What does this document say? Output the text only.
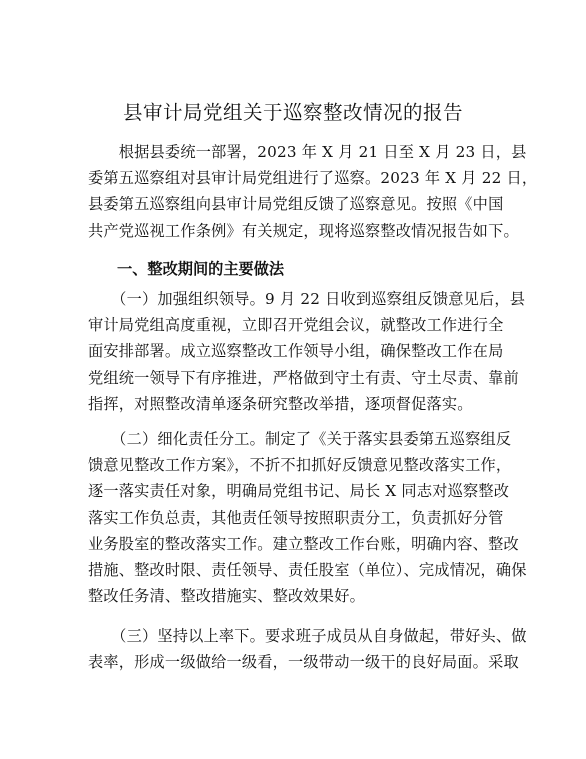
县审计局党组关于巡察整改情况的报告
　　根据县委统一部署，2023 年 X 月 21 日至 X 月 23 日，县
委第五巡察组对县审计局党组进行了巡察。2023 年 X 月 22 日，
县委第五巡察组向县审计局党组反馈了巡察意见。按照《中国
共产党巡视工作条例》有关规定，现将巡察整改情况报告如下。
一、整改期间的主要做法
　　（一）加强组织领导。9 月 22 日收到巡察组反馈意见后，县
审计局党组高度重视，立即召开党组会议，就整改工作进行全
面安排部署。成立巡察整改工作领导小组，确保整改工作在局
党组统一领导下有序推进，严格做到守土有责、守土尽责、靠前
指挥，对照整改清单逐条研究整改举措，逐项督促落实。
　　（二）细化责任分工。制定了《关于落实县委第五巡察组反
馈意见整改工作方案》，不折不扣抓好反馈意见整改落实工作，
逐一落实责任对象，明确局党组书记、局长 X 同志对巡察整改
落实工作负总责，其他责任领导按照职责分工，负责抓好分管
业务股室的整改落实工作。建立整改工作台账，明确内容、整改
措施、整改时限、责任领导、责任股室（单位）、完成情况，确保
整改任务清、整改措施实、整改效果好。
　　（三）坚持以上率下。要求班子成员从自身做起，带好头、做
表率，形成一级做给一级看，一级带动一级干的良好局面。采取
